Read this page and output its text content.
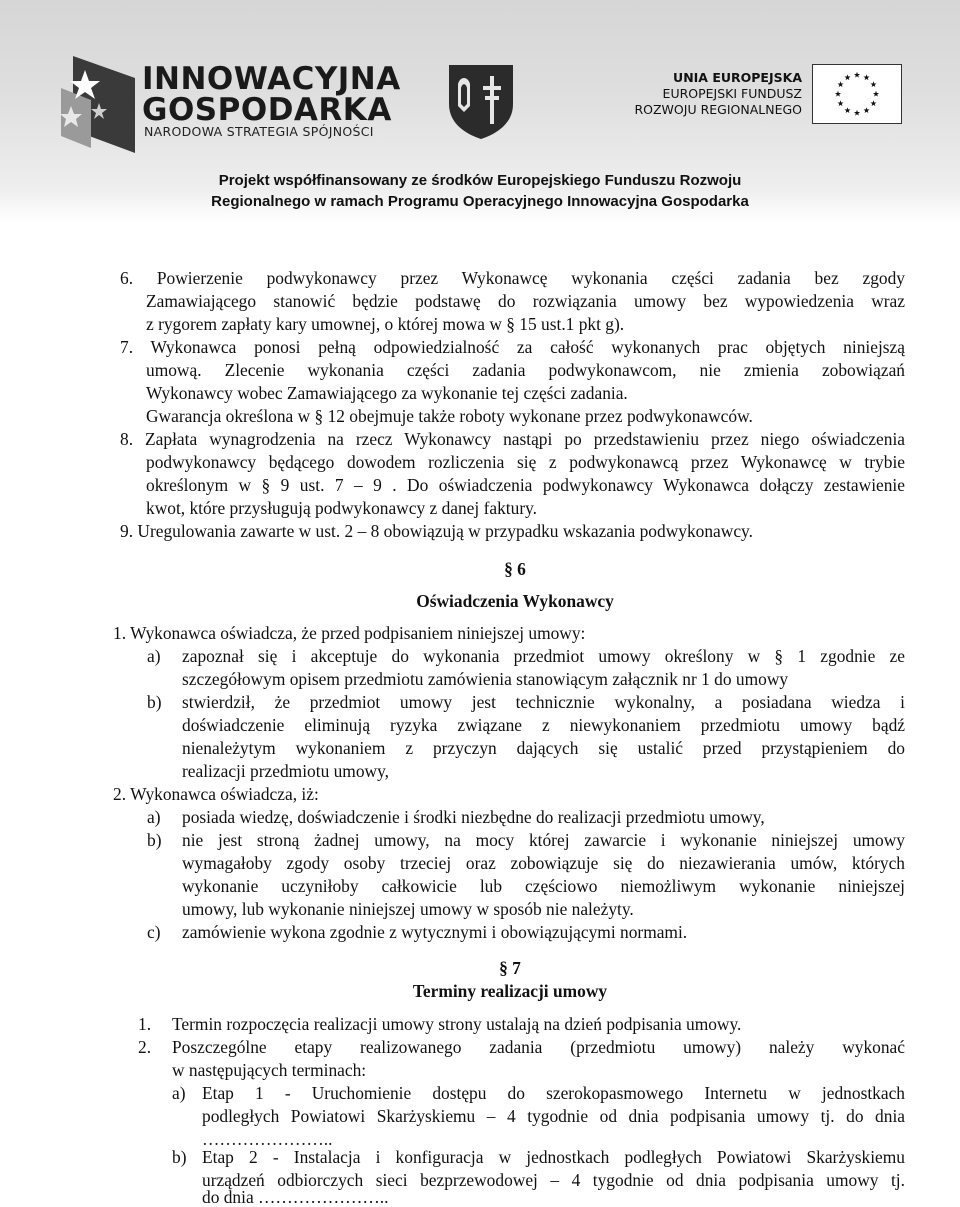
INNOWACYJNA
GOSPODARKA
NARODOWA STRATEGIA SPÓJNOŚCI
UNIA EUROPEJSKA
EUROPEJSKI FUNDUSZ
ROZWOJU REGIONALNEGO
Projekt współfinansowany ze środków Europejskiego Funduszu Rozwoju
Regionalnego w ramach Programu Operacyjnego Innowacyjna Gospodarka
6. Powierzenie podwykonawcy przez Wykonawcę wykonania części zadania bez zgody
Zamawiającego stanowić będzie podstawę do rozwiązania umowy bez wypowiedzenia wraz
z rygorem zapłaty kary umownej, o której mowa w § 15 ust.1 pkt g).
7. Wykonawca ponosi pełną odpowiedzialność za całość wykonanych prac objętych niniejszą
umową. Zlecenie wykonania części zadania podwykonawcom, nie zmienia zobowiązań
Wykonawcy wobec Zamawiającego za wykonanie tej części zadania.
Gwarancja określona w § 12 obejmuje także roboty wykonane przez podwykonawców.
8. Zapłata wynagrodzenia na rzecz Wykonawcy nastąpi po przedstawieniu przez niego oświadczenia
podwykonawcy będącego dowodem rozliczenia się z podwykonawcą przez Wykonawcę w trybie
określonym w § 9 ust. 7 – 9 . Do oświadczenia podwykonawcy Wykonawca dołączy zestawienie
kwot, które przysługują podwykonawcy z danej faktury.
9. Uregulowania zawarte w ust. 2 – 8 obowiązują w przypadku wskazania podwykonawcy.
§ 6
Oświadczenia Wykonawcy
1. Wykonawca oświadcza, że przed podpisaniem niniejszej umowy:
a) zapoznał się i akceptuje do wykonania przedmiot umowy określony w § 1 zgodnie ze
szczegółowym opisem przedmiotu zamówienia stanowiącym załącznik nr 1 do umowy
b) stwierdził, że przedmiot umowy jest technicznie wykonalny, a posiadana wiedza i
doświadczenie eliminują ryzyka związane z niewykonaniem przedmiotu umowy bądź
nienależytym wykonaniem z przyczyn dających się ustalić przed przystąpieniem do
realizacji przedmiotu umowy,
2. Wykonawca oświadcza, iż:
a) posiada wiedzę, doświadczenie i środki niezbędne do realizacji przedmiotu umowy,
b) nie jest stroną żadnej umowy, na mocy której zawarcie i wykonanie niniejszej umowy
wymagałoby zgody osoby trzeciej oraz zobowiązuje się do niezawierania umów, których
wykonanie uczyniłoby całkowicie lub częściowo niemożliwym wykonanie niniejszej
umowy, lub wykonanie niniejszej umowy w sposób nie należyty.
c) zamówienie wykona zgodnie z wytycznymi i obowiązującymi normami.
§ 7
Terminy realizacji umowy
1. Termin rozpoczęcia realizacji umowy strony ustalają na dzień podpisania umowy.
2. Poszczególne etapy realizowanego zadania (przedmiotu umowy) należy wykonać
w następujących terminach:
a) Etap 1 - Uruchomienie dostępu do szerokopasmowego Internetu w jednostkach
podległych Powiatowi Skarżyskiemu – 4 tygodnie od dnia podpisania umowy tj. do dnia
…………………..
b) Etap 2 - Instalacja i konfiguracja w jednostkach podległych Powiatowi Skarżyskiemu
urządzeń odbiorczych sieci bezprzewodowej – 4 tygodnie od dnia podpisania umowy tj.
do dnia …………………..
